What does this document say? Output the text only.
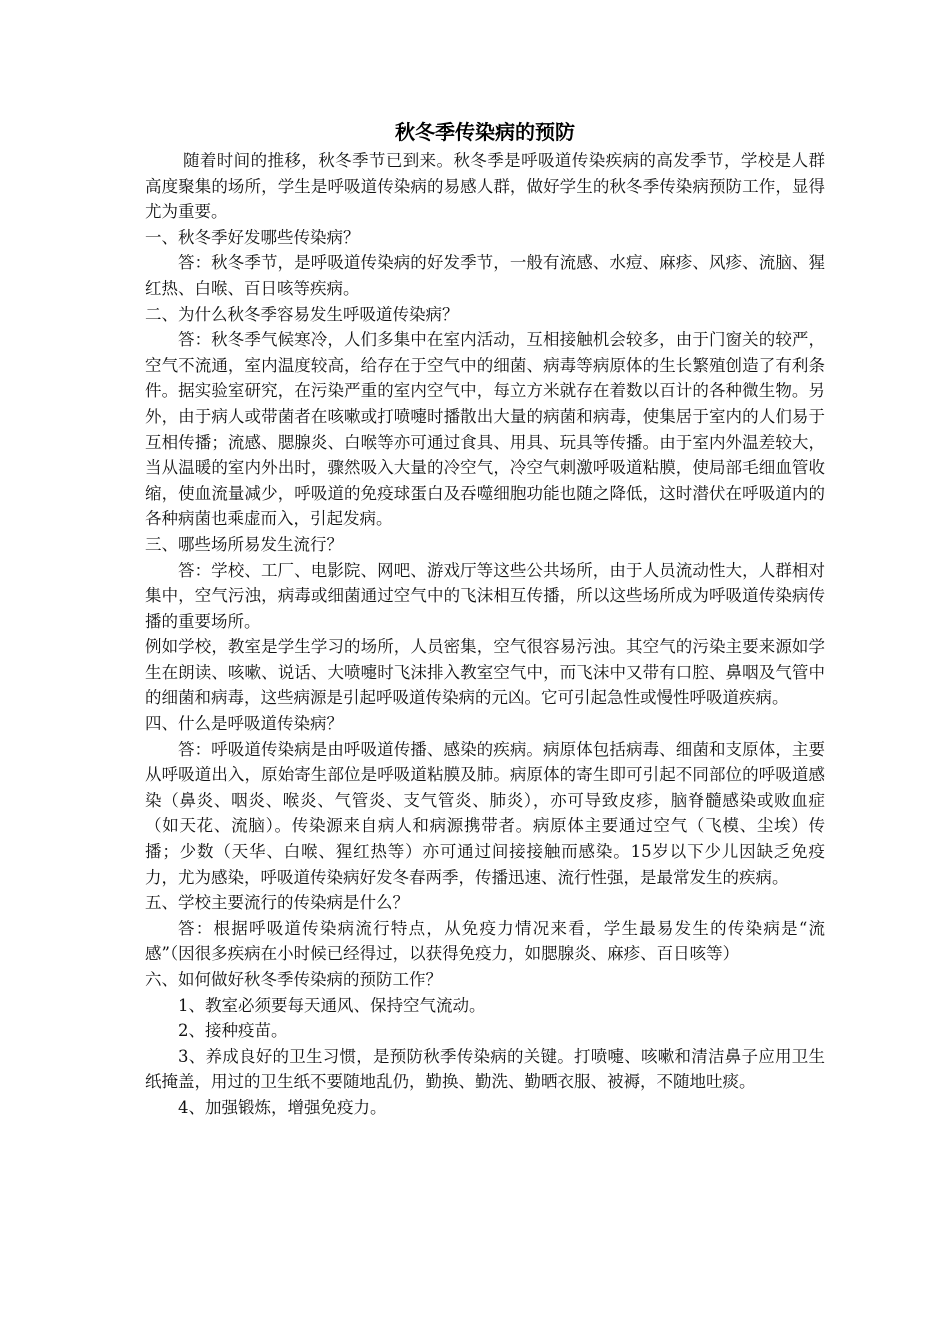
秋冬季传染病的预防

随着时间的推移，秋冬季节已到来。秋冬季是呼吸道传染疾病的高发季节，学校是人群高度聚集的场所，学生是呼吸道传染病的易感人群，做好学生的秋冬季传染病预防工作，显得尤为重要。

一、秋冬季好发哪些传染病？

答：秋冬季节，是呼吸道传染病的好发季节，一般有流感、水痘、麻疹、风疹、流脑、猩红热、白喉、百日咳等疾病。

二、为什么秋冬季容易发生呼吸道传染病？

答：秋冬季气候寒冷，人们多集中在室内活动，互相接触机会较多，由于门窗关的较严，空气不流通，室内温度较高，给存在于空气中的细菌、病毒等病原体的生长繁殖创造了有利条件。据实验室研究，在污染严重的室内空气中，每立方米就存在着数以百计的各种微生物。另外，由于病人或带菌者在咳嗽或打喷嚏时播散出大量的病菌和病毒，使集居于室内的人们易于互相传播；流感、腮腺炎、白喉等亦可通过食具、用具、玩具等传播。由于室内外温差较大，当从温暖的室内外出时，骤然吸入大量的冷空气，冷空气刺激呼吸道粘膜，使局部毛细血管收缩，使血流量减少，呼吸道的免疫球蛋白及吞噬细胞功能也随之降低，这时潜伏在呼吸道内的各种病菌也乘虚而入，引起发病。

三、哪些场所易发生流行？

答：学校、工厂、电影院、网吧、游戏厅等这些公共场所，由于人员流动性大，人群相对集中，空气污浊，病毒或细菌通过空气中的飞沫相互传播，所以这些场所成为呼吸道传染病传播的重要场所。

例如学校，教室是学生学习的场所，人员密集，空气很容易污浊。其空气的污染主要来源如学生在朗读、咳嗽、说话、大喷嚏时飞沫排入教室空气中，而飞沫中又带有口腔、鼻咽及气管中的细菌和病毒，这些病源是引起呼吸道传染病的元凶。它可引起急性或慢性呼吸道疾病。

四、什么是呼吸道传染病？

答：呼吸道传染病是由呼吸道传播、感染的疾病。病原体包括病毒、细菌和支原体，主要从呼吸道出入，原始寄生部位是呼吸道粘膜及肺。病原体的寄生即可引起不同部位的呼吸道感染（鼻炎、咽炎、喉炎、气管炎、支气管炎、肺炎），亦可导致皮疹，脑脊髓感染或败血症（如天花、流脑）。传染源来自病人和病源携带者。病原体主要通过空气（飞模、尘埃）传播；少数（天华、白喉、猩红热等）亦可通过间接接触而感染。15岁以下少儿因缺乏免疫力，尤为感染，呼吸道传染病好发冬春两季，传播迅速、流行性强，是最常发生的疾病。

五、学校主要流行的传染病是什么？

答：根据呼吸道传染病流行特点，从免疫力情况来看，学生最易发生的传染病是“流感”（因很多疾病在小时候已经得过，以获得免疫力，如腮腺炎、麻疹、百日咳等）

六、如何做好秋冬季传染病的预防工作？

1、教室必须要每天通风、保持空气流动。

2、接种疫苗。

3、养成良好的卫生习惯，是预防秋季传染病的关键。打喷嚏、咳嗽和清洁鼻子应用卫生纸掩盖，用过的卫生纸不要随地乱仍，勤换、勤洗、勤晒衣服、被褥，不随地吐痰。

4、加强锻炼，增强免疫力。
